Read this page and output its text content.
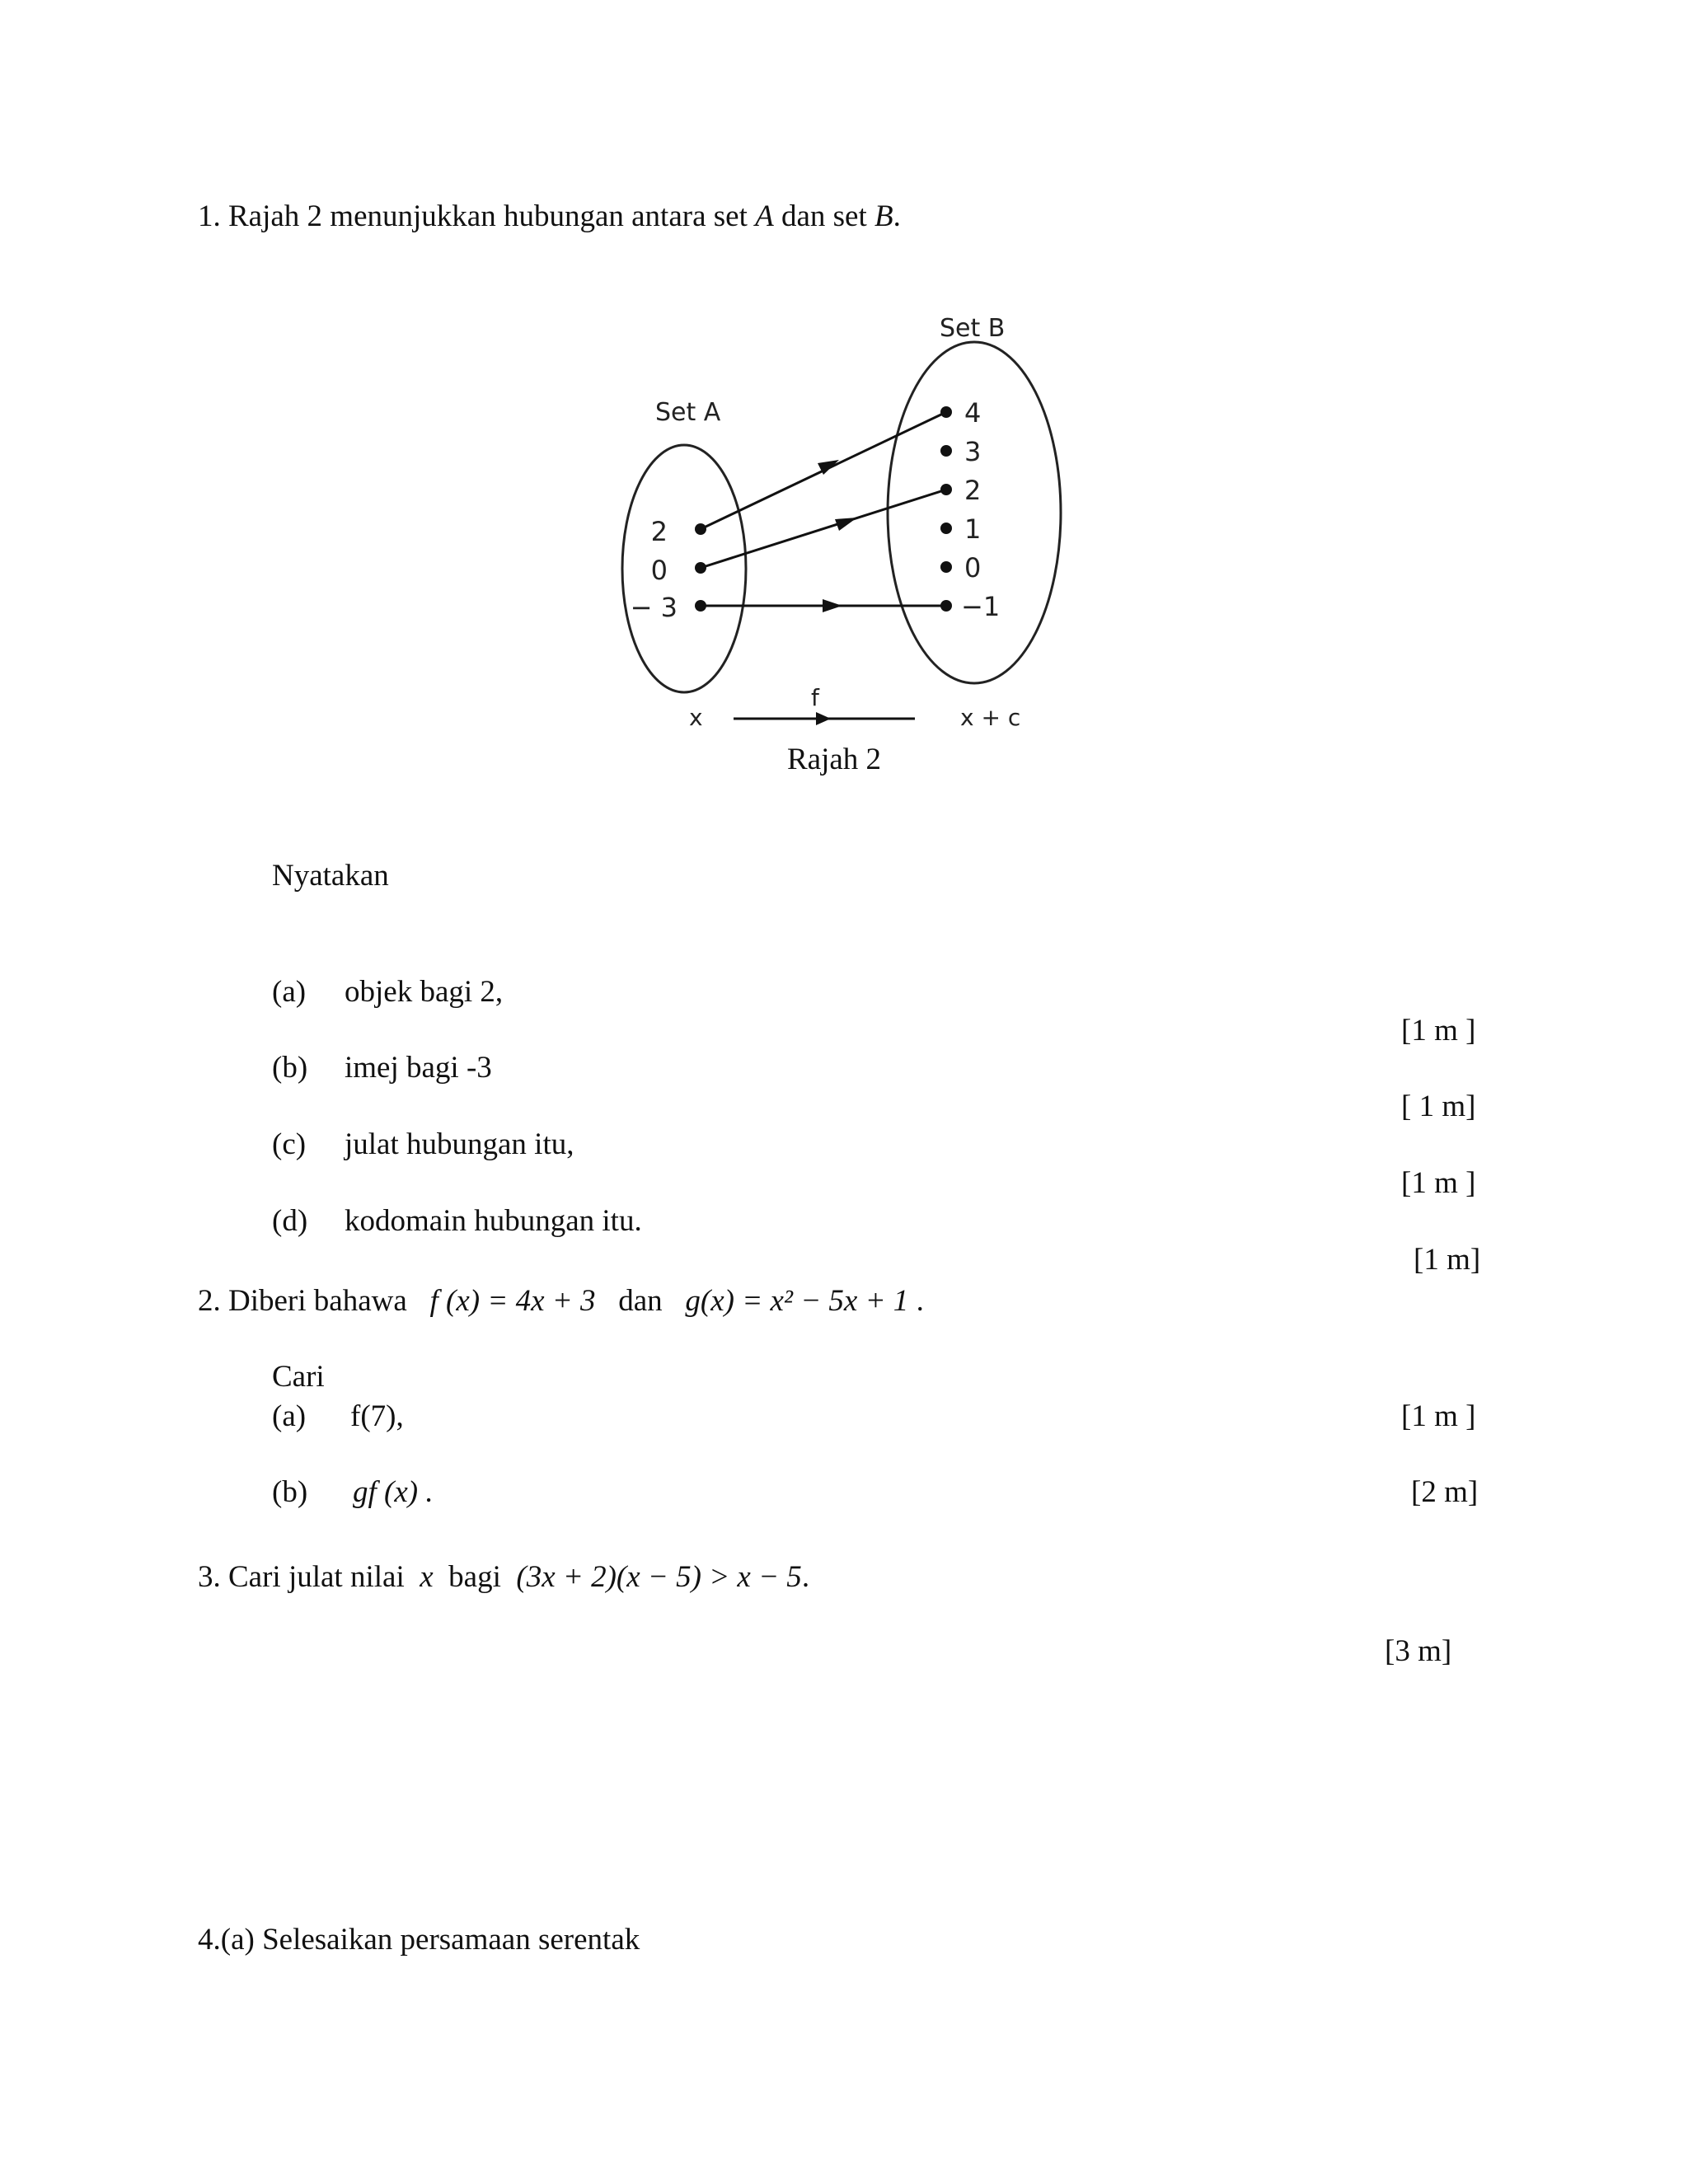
1. Rajah 2 menunjukkan hubungan antara set A dan set B.
Set A
Set B
2
0
− 3
4
3
2
1
0
−1
x
f
x + c
Rajah 2
Nyatakan
(a) objek bagi 2,
[1 m ]
(b) imej bagi -3
[ 1 m]
(c) julat hubungan itu,
[1 m ]
(d) kodomain hubungan itu.
[1 m]
2. Diberi bahawa f (x) = 4x + 3 dan g(x) = x² − 5x + 1 .
Cari
(a) f(7),	[1 m ]
(b) gf (x) .	[2 m]
3. Cari julat nilai x bagi (3x + 2)(x − 5) > x − 5.
[3 m]
4.(a) Selesaikan persamaan serentak
